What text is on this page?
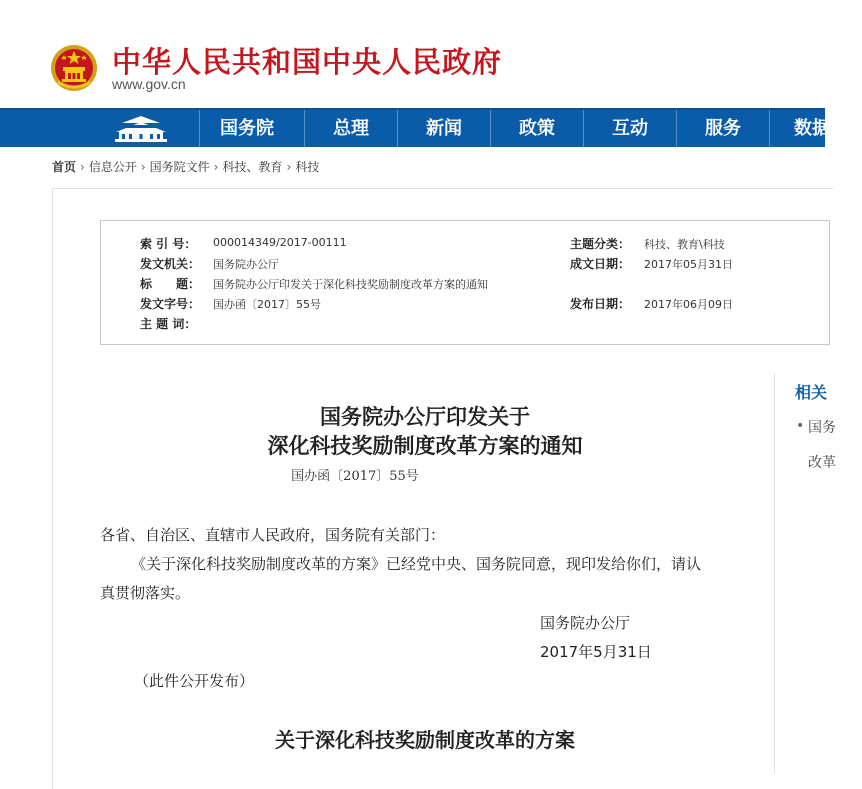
中华人民共和国中央人民政府
www.gov.cn
国务院	总理	新闻	政策	互动	服务	数据
首页 › 信息公开 › 国务院文件 › 科技、教育 › 科技
索 引 号： 000014349/2017-00111
发文机关： 国务院办公厅
标　　题： 国务院办公厅印发关于深化科技奖励制度改革方案的通知
发文字号： 国办函〔2017〕55号
主 题 词：
主题分类： 科技、教育\科技
成文日期： 2017年05月31日
发布日期： 2017年06月09日
国务院办公厅印发关于
深化科技奖励制度改革方案的通知
国办函〔2017〕55号
各省、自治区、直辖市人民政府，国务院有关部门：
《关于深化科技奖励制度改革的方案》已经党中央、国务院同意，现印发给你们，请认
真贯彻落实。
国务院办公厅
2017年5月31日
（此件公开发布）
关于深化科技奖励制度改革的方案
相关
• 国务
改革
